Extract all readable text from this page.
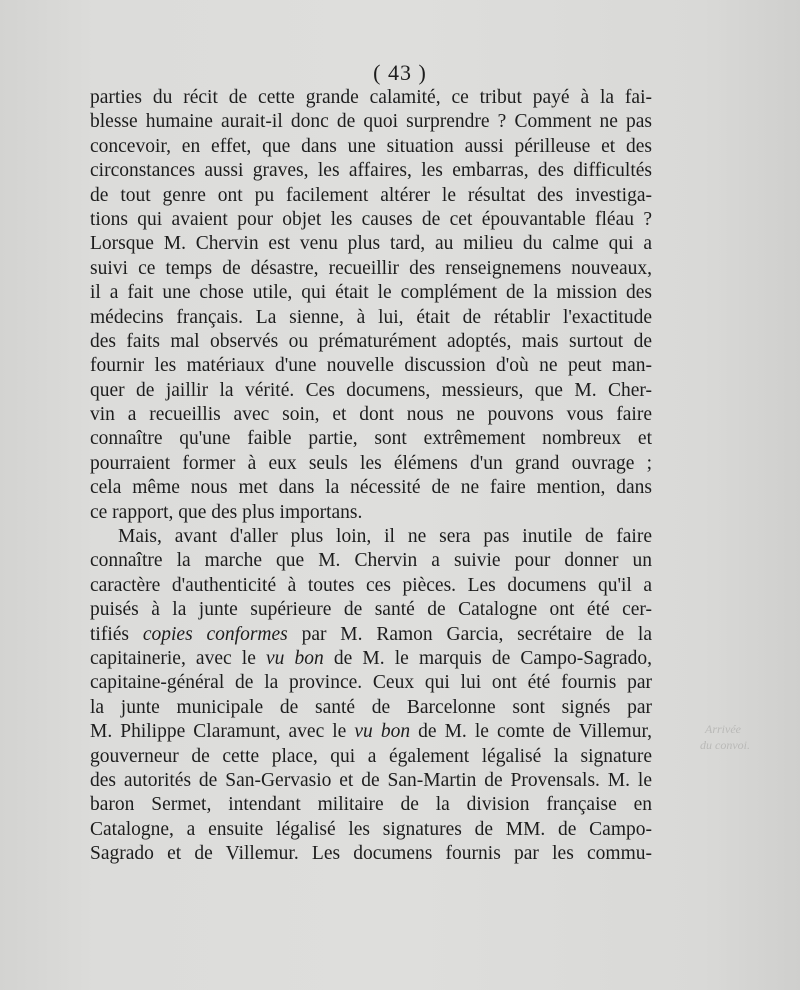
( 43 )
parties du récit de cette grande calamité, ce tribut payé à la fai-
blesse humaine aurait-il donc de quoi surprendre ? Comment ne pas
concevoir, en effet, que dans une situation aussi périlleuse et des
circonstances aussi graves, les affaires, les embarras, des difficultés
de tout genre ont pu facilement altérer le résultat des investiga-
tions qui avaient pour objet les causes de cet épouvantable fléau ?
Lorsque M. Chervin est venu plus tard, au milieu du calme qui a
suivi ce temps de désastre, recueillir des renseignemens nouveaux,
il a fait une chose utile, qui était le complément de la mission des
médecins français. La sienne, à lui, était de rétablir l'exactitude
des faits mal observés ou prématurément adoptés, mais surtout de
fournir les matériaux d'une nouvelle discussion d'où ne peut man-
quer de jaillir la vérité. Ces documens, messieurs, que M. Cher-
vin a recueillis avec soin, et dont nous ne pouvons vous faire
connaître qu'une faible partie, sont extrêmement nombreux et
pourraient former à eux seuls les élémens d'un grand ouvrage ;
cela même nous met dans la nécessité de ne faire mention, dans
ce rapport, que des plus importans.
Mais, avant d'aller plus loin, il ne sera pas inutile de faire
connaître la marche que M. Chervin a suivie pour donner un
caractère d'authenticité à toutes ces pièces. Les documens qu'il a
puisés à la junte supérieure de santé de Catalogne ont été cer-
tifiés copies conformes par M. Ramon Garcia, secrétaire de la
capitainerie, avec le vu bon de M. le marquis de Campo-Sagrado,
capitaine-général de la province. Ceux qui lui ont été fournis par
la junte municipale de santé de Barcelonne sont signés par
M. Philippe Claramunt, avec le vu bon de M. le comte de Villemur,
gouverneur de cette place, qui a également légalisé la signature
des autorités de San-Gervasio et de San-Martin de Provensals. M. le
baron Sermet, intendant militaire de la division française en
Catalogne, a ensuite légalisé les signatures de MM. de Campo-
Sagrado et de Villemur. Les documens fournis par les commu-
Arrivée
du convoi.
